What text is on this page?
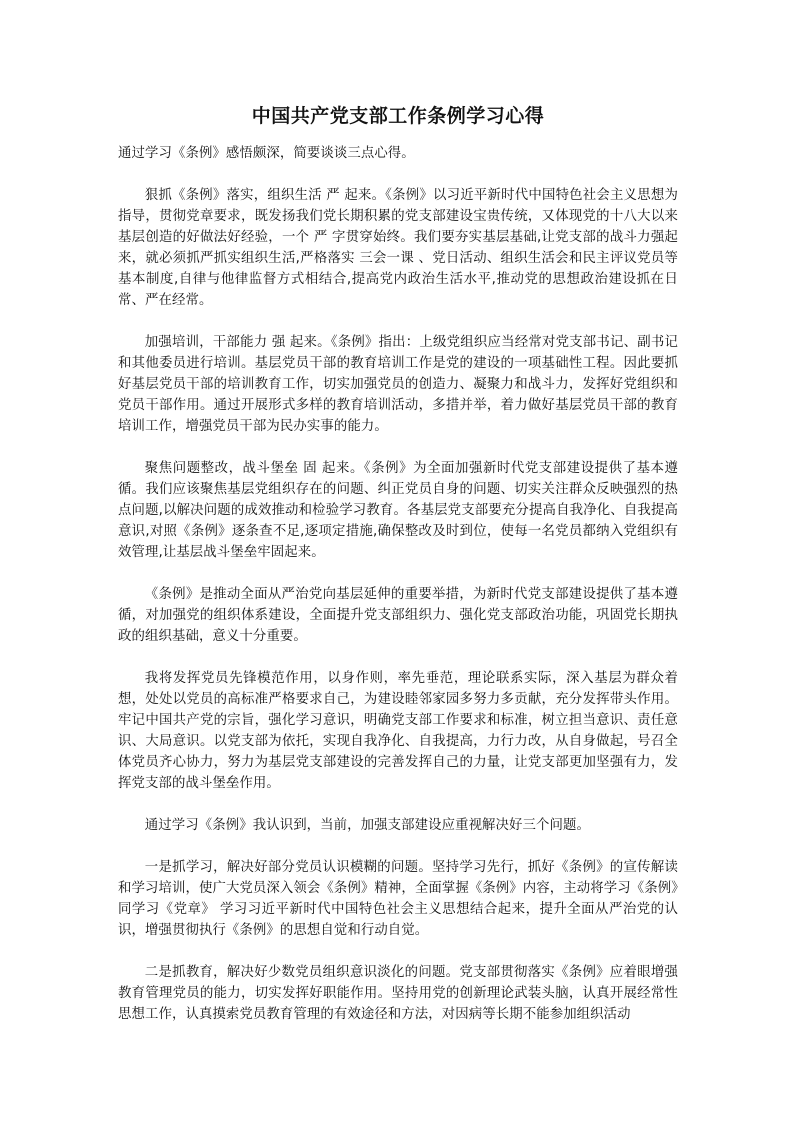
中国共产党支部工作条例学习心得

通过学习《条例》感悟颇深，简要谈谈三点心得。

狠抓《条例》落实，组织生活 严 起来。《条例》以习近平新时代中国特色社会主义思想为指导，贯彻党章要求，既发扬我们党长期积累的党支部建设宝贵传统，又体现党的十八大以来基层创造的好做法好经验，一个 严 字贯穿始终。我们要夯实基层基础,让党支部的战斗力强起来，就必须抓严抓实组织生活,严格落实 三会一课 、党日活动、组织生活会和民主评议党员等基本制度,自律与他律监督方式相结合,提高党内政治生活水平,推动党的思想政治建设抓在日常、严在经常。

加强培训，干部能力 强 起来。《条例》指出：上级党组织应当经常对党支部书记、副书记和其他委员进行培训。基层党员干部的教育培训工作是党的建设的一项基础性工程。因此要抓好基层党员干部的培训教育工作，切实加强党员的创造力、凝聚力和战斗力，发挥好党组织和党员干部作用。通过开展形式多样的教育培训活动，多措并举，着力做好基层党员干部的教育培训工作，增强党员干部为民办实事的能力。

聚焦问题整改，战斗堡垒 固 起来。《条例》为全面加强新时代党支部建设提供了基本遵循。我们应该聚焦基层党组织存在的问题、纠正党员自身的问题、切实关注群众反映强烈的热点问题,以解决问题的成效推动和检验学习教育。各基层党支部要充分提高自我净化、自我提高意识,对照《条例》逐条查不足,逐项定措施,确保整改及时到位，使每一名党员都纳入党组织有效管理,让基层战斗堡垒牢固起来。

《条例》是推动全面从严治党向基层延伸的重要举措，为新时代党支部建设提供了基本遵循，对加强党的组织体系建设，全面提升党支部组织力、强化党支部政治功能，巩固党长期执政的组织基础，意义十分重要。

我将发挥党员先锋模范作用，以身作则，率先垂范，理论联系实际，深入基层为群众着想，处处以党员的高标准严格要求自己，为建设睦邻家园多努力多贡献，充分发挥带头作用。牢记中国共产党的宗旨，强化学习意识，明确党支部工作要求和标准，树立担当意识、责任意识、大局意识。以党支部为依托，实现自我净化、自我提高，力行力改，从自身做起，号召全体党员齐心协力，努力为基层党支部建设的完善发挥自己的力量，让党支部更加坚强有力，发挥党支部的战斗堡垒作用。

通过学习《条例》我认识到，当前，加强支部建设应重视解决好三个问题。

一是抓学习，解决好部分党员认识模糊的问题。坚持学习先行，抓好《条例》的宣传解读和学习培训，使广大党员深入领会《条例》精神，全面掌握《条例》内容，主动将学习《条例》同学习《党章》 学习习近平新时代中国特色社会主义思想结合起来，提升全面从严治党的认识，增强贯彻执行《条例》的思想自觉和行动自觉。

二是抓教育，解决好少数党员组织意识淡化的问题。党支部贯彻落实《条例》应着眼增强教育管理党员的能力，切实发挥好职能作用。坚持用党的创新理论武装头脑，认真开展经常性思想工作，认真摸索党员教育管理的有效途径和方法，对因病等长期不能参加组织活动
